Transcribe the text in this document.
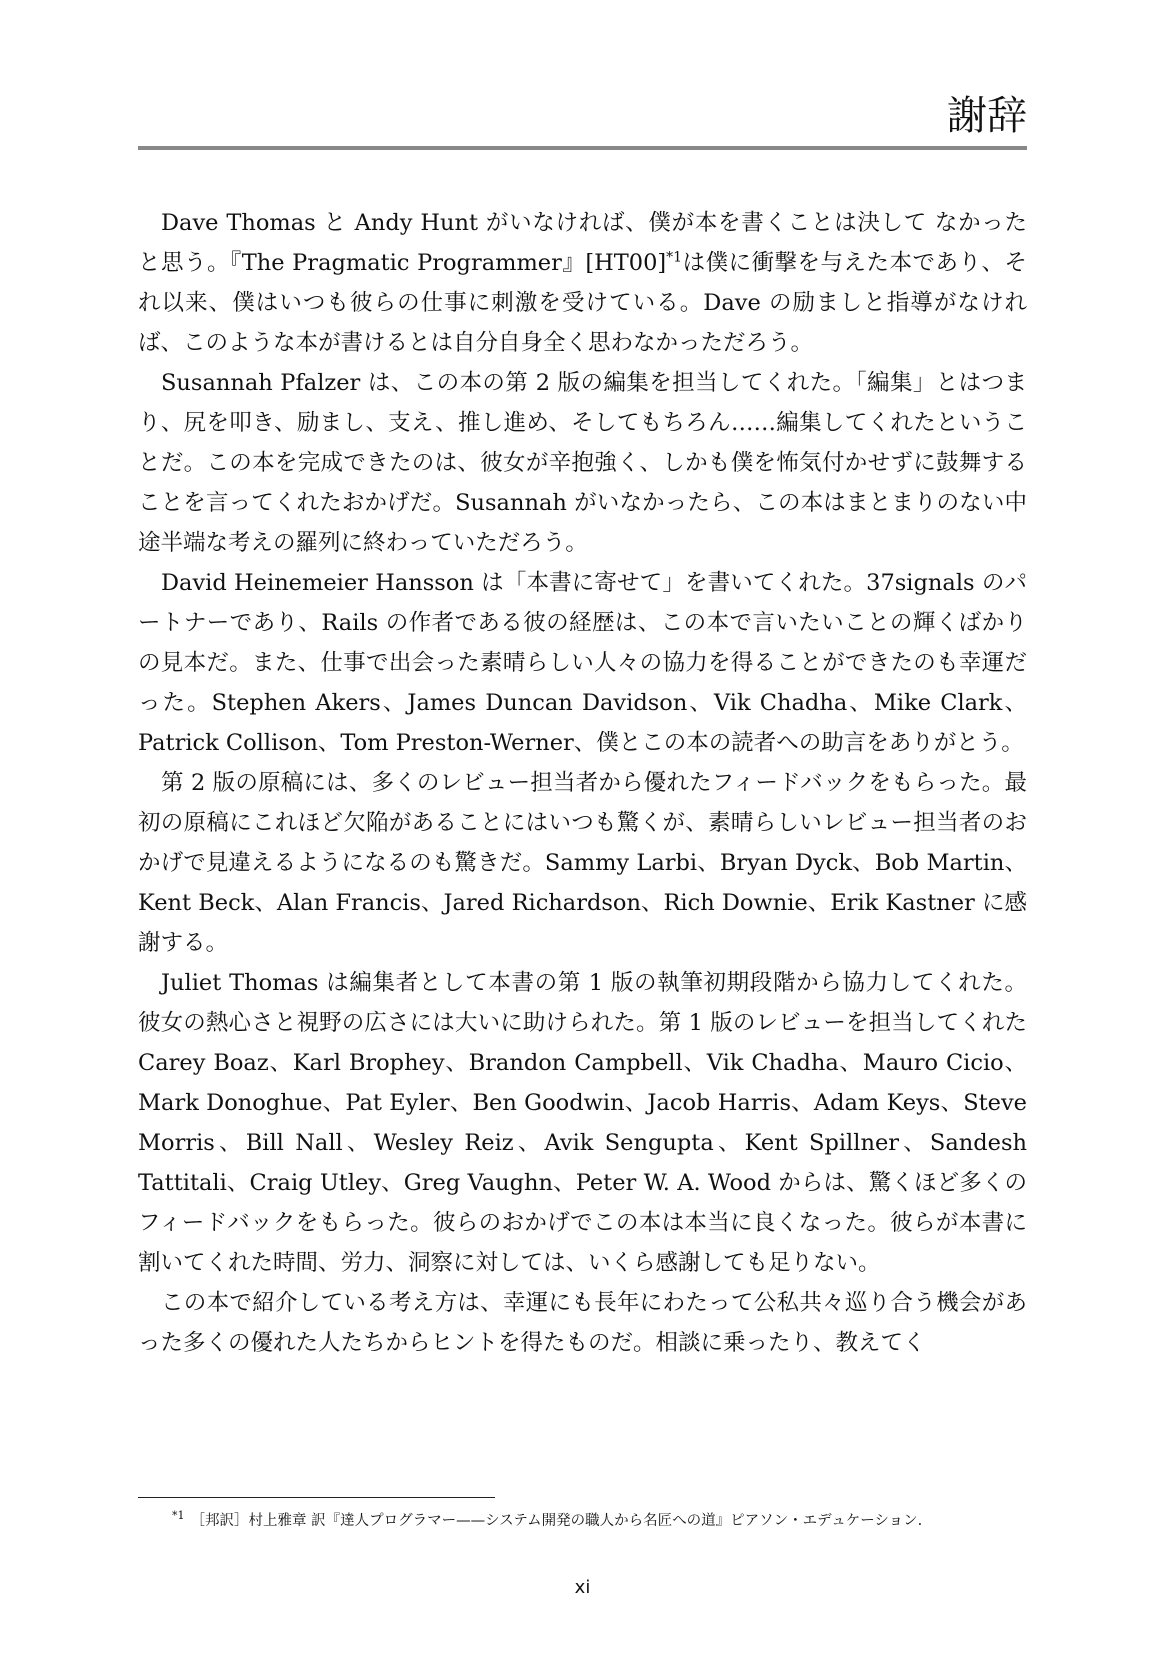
謝辞

Dave Thomas と Andy Hunt がいなければ、僕が本を書くことは決して なかったと思う。『The Pragmatic Programmer』[HT00]$^{*1}$は僕に衝撃を与えた本であり、それ以来、僕はいつも彼らの仕事に刺激を受けている。Dave の励ましと指導がなければ、このような本が書けるとは自分自身全く思わなかっただろう。

Susannah Pfalzer は、この本の第 2 版の編集を担当してくれた。「編集」とはつまり、尻を叩き、励まし、支え、推し進め、そしてもちろん……編集してくれたということだ。この本を完成できたのは、彼女が辛抱強く、しかも僕を怖気付かせずに鼓舞することを言ってくれたおかげだ。Susannah がいなかったら、この本はまとまりのない中途半端な考えの羅列に終わっていただろう。

David Heinemeier Hansson は「本書に寄せて」を書いてくれた。37signals のパートナーであり、Rails の作者である彼の経歴は、この本で言いたいことの輝くばかりの見本だ。また、仕事で出会った素晴らしい人々の協力を得ることができたのも幸運だった。Stephen Akers、James Duncan Davidson、Vik Chadha、Mike Clark、Patrick Collison、Tom Preston-Werner、僕とこの本の読者への助言をありがとう。

第 2 版の原稿には、多くのレビュー担当者から優れたフィードバックをもらった。最初の原稿にこれほど欠陥があることにはいつも驚くが、素晴らしいレビュー担当者のおかげで見違えるようになるのも驚きだ。Sammy Larbi、Bryan Dyck、Bob Martin、Kent Beck、Alan Francis、Jared Richardson、Rich Downie、Erik Kastner に感謝する。

Juliet Thomas は編集者として本書の第 1 版の執筆初期段階から協力してくれた。彼女の熱心さと視野の広さには大いに助けられた。第 1 版のレビューを担当してくれた Carey Boaz、Karl Brophey、Brandon Campbell、Vik Chadha、Mauro Cicio、Mark Donoghue、Pat Eyler、Ben Goodwin、Jacob Harris、Adam Keys、Steve Morris、Bill Nall、Wesley Reiz、Avik Sengupta、Kent Spillner、Sandesh Tattitali、Craig Utley、Greg Vaughn、Peter W. A. Wood からは、驚くほど多くのフィードバックをもらった。彼らのおかげでこの本は本当に良くなった。彼らが本書に割いてくれた時間、労力、洞察に対しては、いくら感謝しても足りない。

この本で紹介している考え方は、幸運にも長年にわたって公私共々巡り合う機会があった多くの優れた人たちからヒントを得たものだ。相談に乗ったり、教えてく

$^{*1}$ ［邦訳］村上雅章 訳『達人プログラマー——システム開発の職人から名匠への道』ピアソン・エデュケーション.
xi
